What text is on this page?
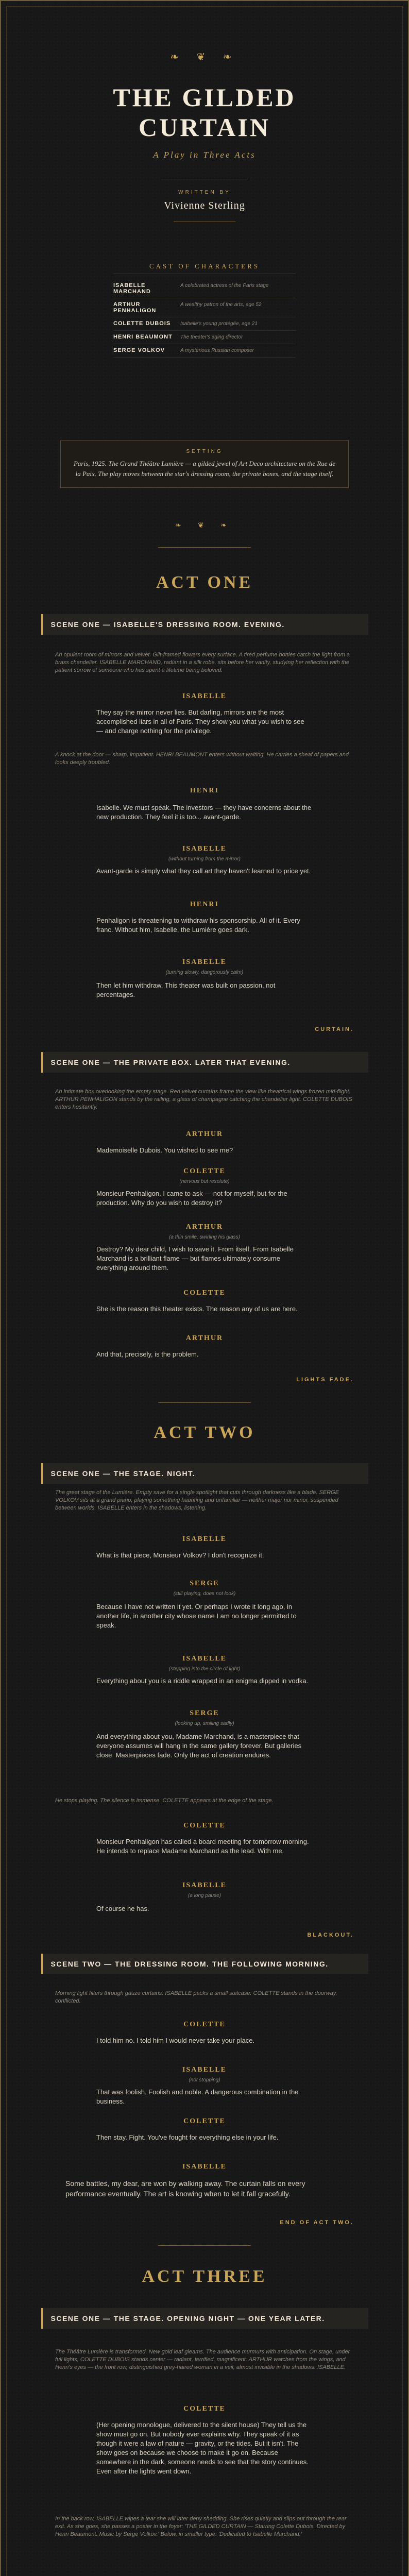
❧ ❦ ❧
THE GILDED
CURTAIN
A Play in Three Acts
WRITTEN BY
Vivienne Sterling
CAST OF CHARACTERS
ISABELLE MARCHAND	A celebrated actress of the Paris stage
ARTHUR PENHALIGON	A wealthy patron of the arts, age 52
COLETTE DUBOIS	Isabelle's young protégée, age 21
HENRI BEAUMONT	The theater's aging director
SERGE VOLKOV	A mysterious Russian composer
SETTING
Paris, 1925. The Grand Théâtre Lumière — a gilded jewel of Art Deco architecture on the Rue de la Paix. The play moves between the star's dressing room, the private boxes, and the stage itself.
❧ ❦ ❧
ACT ONE
SCENE ONE — ISABELLE'S DRESSING ROOM. EVENING.

An opulent room of mirrors and velvet. Gilt-framed flowers every surface. A tired perfume bottles catch the light from a brass chandelier. ISABELLE MARCHAND, radiant in a silk robe, sits before her vanity, studying her reflection with the patient sorrow of someone who has spent a lifetime being beloved.

ISABELLE

They say the mirror never lies. But darling, mirrors are the most accomplished liars in all of Paris. They show you what you wish to see — and charge nothing for the privilege.

A knock at the door — sharp, impatient. HENRI BEAUMONT enters without waiting. He carries a sheaf of papers and looks deeply troubled.

HENRI

Isabelle. We must speak. The investors — they have concerns about the new production. They feel it is too... avant-garde.

ISABELLE

(without turning from the mirror)

Avant-garde is simply what they call art they haven't learned to price yet.

HENRI

Penhaligon is threatening to withdraw his sponsorship. All of it. Every franc. Without him, Isabelle, the Lumière goes dark.

ISABELLE

(turning slowly, dangerously calm)

Then let him withdraw. This theater was built on passion, not percentages.

CURTAIN.
SCENE ONE — THE PRIVATE BOX. LATER THAT EVENING.

An intimate box overlooking the empty stage. Red velvet curtains frame the view like theatrical wings frozen mid-flight. ARTHUR PENHALIGON stands by the railing, a glass of champagne catching the chandelier light. COLETTE DUBOIS enters hesitantly.

ARTHUR

Mademoiselle Dubois. You wished to see me?

COLETTE

(nervous but resolute)

Monsieur Penhaligon. I came to ask — not for myself, but for the production. Why do you wish to destroy it?

ARTHUR

(a thin smile, swirling his glass)

Destroy? My dear child, I wish to save it. From itself. From Isabelle Marchand is a brilliant flame — but flames ultimately consume everything around them.

COLETTE

She is the reason this theater exists. The reason any of us are here.

ARTHUR

And that, precisely, is the problem.

LIGHTS FADE.
ACT TWO
SCENE ONE — THE STAGE. NIGHT.

The great stage of the Lumière. Empty save for a single spotlight that cuts through darkness like a blade. SERGE VOLKOV sits at a grand piano, playing something haunting and unfamiliar — neither major nor minor, suspended between worlds. ISABELLE enters in the shadows, listening.

ISABELLE

What is that piece, Monsieur Volkov? I don't recognize it.

SERGE

(still playing, does not look)

Because I have not written it yet. Or perhaps I wrote it long ago, in another life, in another city whose name I am no longer permitted to speak.

ISABELLE

(stepping into the circle of light)

Everything about you is a riddle wrapped in an enigma dipped in vodka.

SERGE

(looking up, smiling sadly)

And everything about you, Madame Marchand, is a masterpiece that everyone assumes will hang in the same gallery forever. But galleries close. Masterpieces fade. Only the act of creation endures.

He stops playing. The silence is immense. COLETTE appears at the edge of the stage.

COLETTE

Monsieur Penhaligon has called a board meeting for tomorrow morning. He intends to replace Madame Marchand as the lead. With me.

ISABELLE

(a long pause)

Of course he has.

BLACKOUT.
SCENE TWO — THE DRESSING ROOM. THE FOLLOWING MORNING.

Morning light filters through gauze curtains. ISABELLE packs a small suitcase. COLETTE stands in the doorway, conflicted.

COLETTE

I told him no. I told him I would never take your place.

ISABELLE

(not stopping)

That was foolish. Foolish and noble. A dangerous combination in the business.

COLETTE

Then stay. Fight. You've fought for everything else in your life.

ISABELLE

Some battles, my dear, are won by walking away. The curtain falls on every performance eventually. The art is knowing when to let it fall gracefully.

END OF ACT TWO.
ACT THREE
SCENE ONE — THE STAGE. OPENING NIGHT — ONE YEAR LATER.

The Théâtre Lumière is transformed. New gold leaf gleams. The audience murmurs with anticipation. On stage, under full lights, COLETTE DUBOIS stands center — radiant, terrified, magnificent. ARTHUR watches from the wings, and Henri's eyes — the front row, distinguished grey-haired woman in a veil, almost invisible in the shadows. ISABELLE.

COLETTE

(Her opening monologue, delivered to the silent house) They tell us the show must go on. But nobody ever explains why. They speak of it as though it were a law of nature — gravity, or the tides. But it isn't. The show goes on because we choose to make it go on. Because somewhere in the dark, someone needs to see that the story continues. Even after the lights went down.

In the back row, ISABELLE wipes a tear she will later deny shedding. She rises quietly and slips out through the rear exit. As she goes, she passes a poster in the foyer: 'THE GILDED CURTAIN — Starring Colette Dubois. Directed by Henri Beaumont. Music by Serge Volkov.' Below, in smaller type: 'Dedicated to Isabelle Marchand.'
